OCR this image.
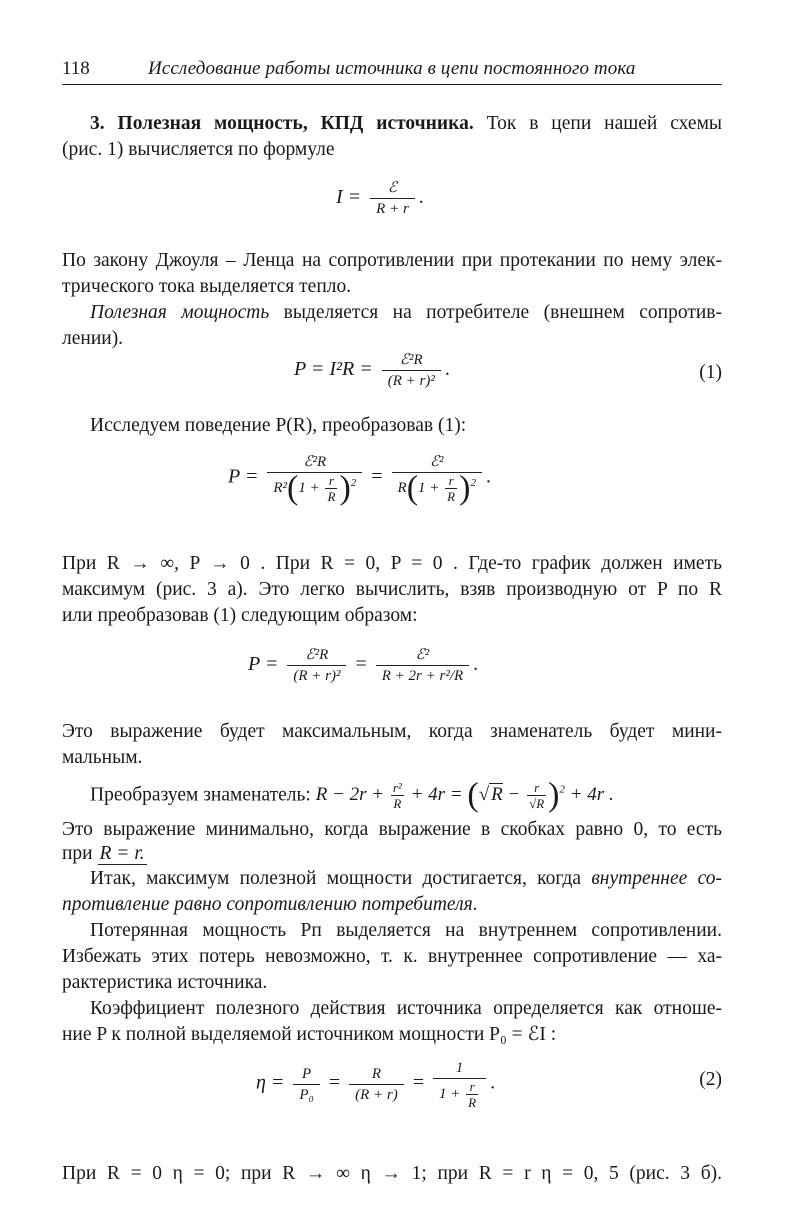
118	Исследование работы источника в цепи постоянного тока
3. Полезная мощность, КПД источника. Ток в цепи нашей схемы
(рис. 1) вычисляется по формуле
$I = \frac{\text{ℰ}}{R + r}$ .
По закону Джоуля – Ленца на сопротивлении при протекании по нему элек-
трического тока выделяется тепло.
Полезная мощность выделяется на потребителе (внешнем сопротив-
лении).
$P = I^2R = \frac{\text{ℰ²R}}{\text{(R + r)²}}$ .	(1)
Исследуем поведение P(R), преобразовав (1):
$P = \frac{\text{ℰ²R}}{R^2(1 + \frac{r}{R} )^2} = \frac{\text{ℰ²}}{R(1 + \frac{r}{R} )^2}$ .
При R → ∞, P → 0 . При R = 0, P = 0 . Где-то график должен иметь
максимум (рис. 3 а). Это легко вычислить, взяв производную от P по R
или преобразовав (1) следующим образом:
$P = \frac{\text{ℰ²R}}{\text{(R + r)²}} = \frac{\text{ℰ²}}{\text{R + 2r + r²/R}}$ .
Это выражение будет максимальным, когда знаменатель будет мини-
мальным.
Преобразуем знаменатель: $R - 2r + \frac{\text{r²}}{R} + 4r$ = (√ $R - \frac{r}{√R} )^2 + 4r$ .
Это выражение минимально, когда выражение в скобках равно 0, то есть
при R = r.
Итак, максимум полезной мощности достигается, когда внутреннее со-
противление равно сопротивлению потребителя.
Потерянная мощность Pп выделяется на внутреннем сопротивлении.
Избежать этих потерь невозможно, т. к. внутреннее сопротивление — ха-
рактеристика источника.
Коэффициент полезного действия источника определяется как отноше-
ние P к полной выделяемой источником мощности P₀ = ℰI :
$\eta = \frac{P}{\text{P₀}} = \frac{R}{(R + r)} = \frac{1}{1 + \frac{r}{R}}$ .	(2)
При R = 0 η = 0; при R → ∞ η → 1; при R = r η = 0, 5 (рис. 3 б).
